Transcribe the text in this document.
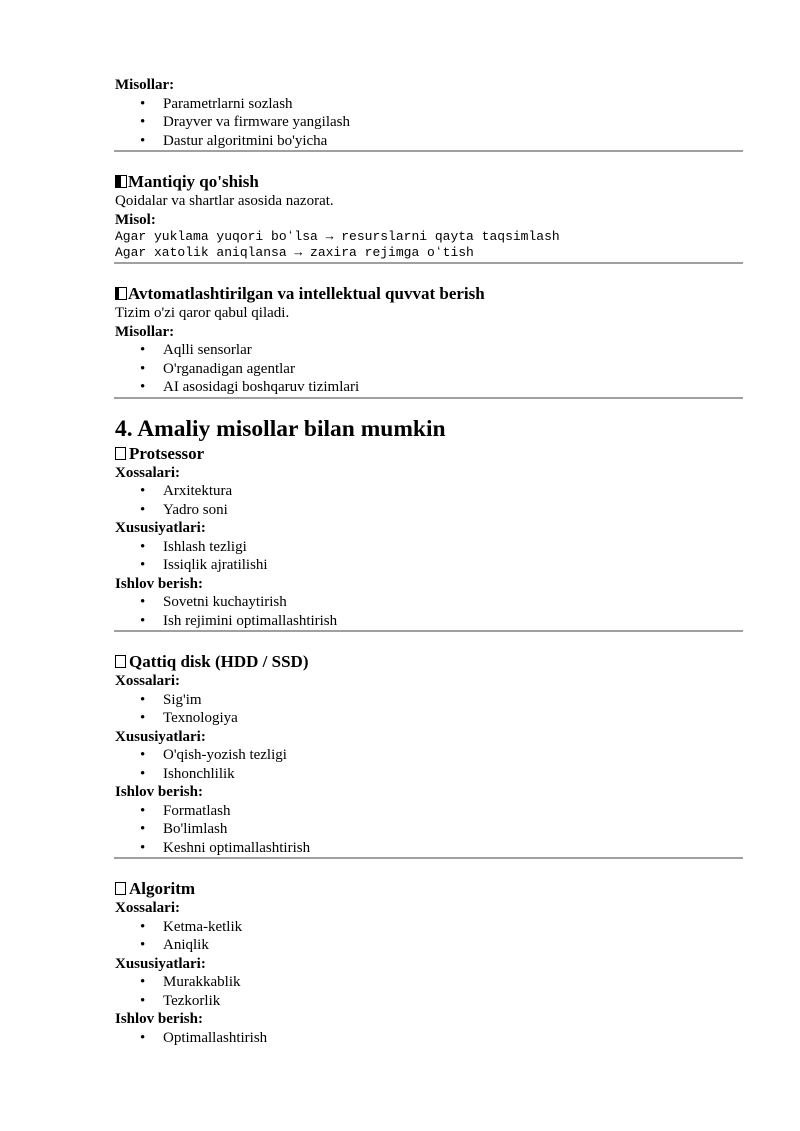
Misollar:
• Parametrlarni sozlash
• Drayver va firmware yangilash
• Dastur algoritmini bo'yicha
Mantiqiy qo'shish
Qoidalar va shartlar asosida nazorat.
Misol:
Agar yuklama yuqori boʻlsa → resurslarni qayta taqsimlash
Agar xatolik aniqlansa → zaxira rejimga oʻtish
Avtomatlashtirilgan va intellektual quvvat berish
Tizim o'zi qaror qabul qiladi.
Misollar:
• Aqlli sensorlar
• O'rganadigan agentlar
• AI asosidagi boshqaruv tizimlari
4. Amaliy misollar bilan mumkin
Protsessor
Xossalari:
• Arxitektura
• Yadro soni
Xususiyatlari:
• Ishlash tezligi
• Issiqlik ajratilishi
Ishlov berish:
• Sovetni kuchaytirish
• Ish rejimini optimallashtirish
Qattiq disk (HDD / SSD)
Xossalari:
• Sig'im
• Texnologiya
Xususiyatlari:
• O'qish-yozish tezligi
• Ishonchlilik
Ishlov berish:
• Formatlash
• Bo'limlash
• Keshni optimallashtirish
Algoritm
Xossalari:
• Ketma-ketlik
• Aniqlik
Xususiyatlari:
• Murakkablik
• Tezkorlik
Ishlov berish:
• Optimallashtirish
